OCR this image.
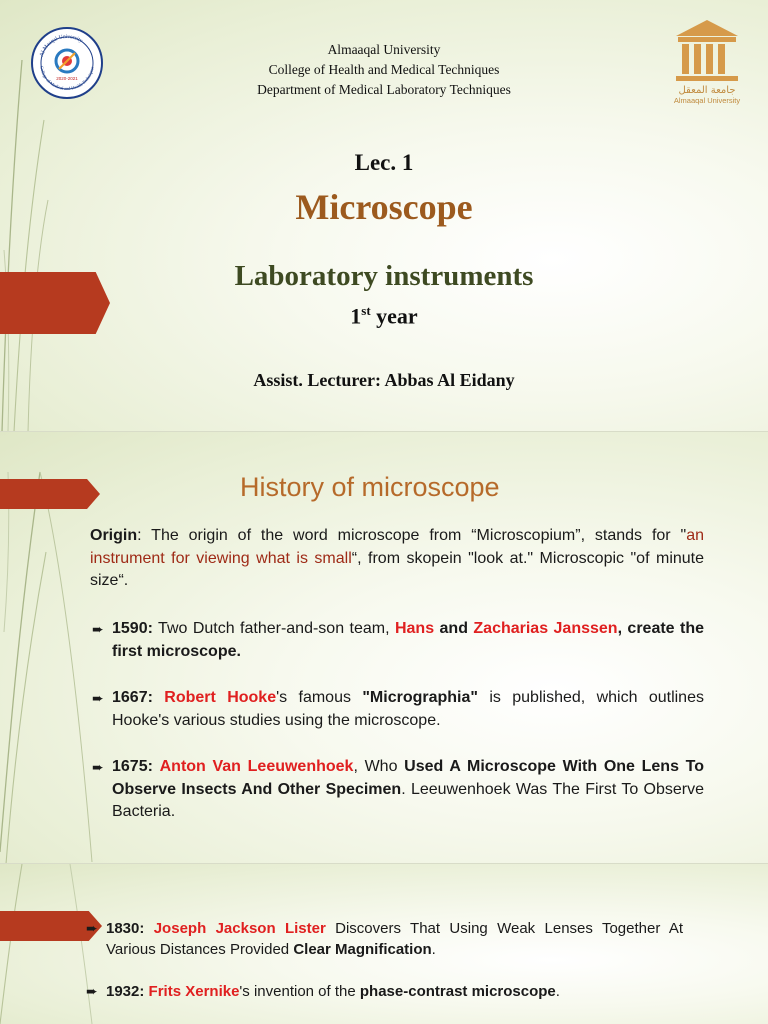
Al Maaqal University
College of Medical and Health Techniques
2020-2021
Almaaqal University
College of Health and Medical Techniques
Department of Medical Laboratory Techniques	جامعة المعقل
Almaaqal University
Lec. 1
Microscope
Laboratory instruments
1st year
Assist. Lecturer: Abbas Al Eidany
History of microscope
Origin: The origin of the word microscope from “Microscopium”, stands for "an instrument for viewing what is small“, from skopein "look at." Microscopic "of minute size“.
➨ 1590: Two Dutch father-and-son team, Hans and Zacharias Janssen, create the first microscope.
➨ 1667: Robert Hooke's famous "Micrographia" is published, which outlines Hooke's various studies using the microscope.
➨ 1675: Anton Van Leeuwenhoek, Who Used A Microscope With One Lens To Observe Insects And Other Specimen. Leeuwenhoek Was The First To Observe Bacteria.
➨ 1830: Joseph Jackson Lister Discovers That Using Weak Lenses Together At Various Distances Provided Clear Magnification.
➨ 1932: Frits Xernike's invention of the phase-contrast microscope.
